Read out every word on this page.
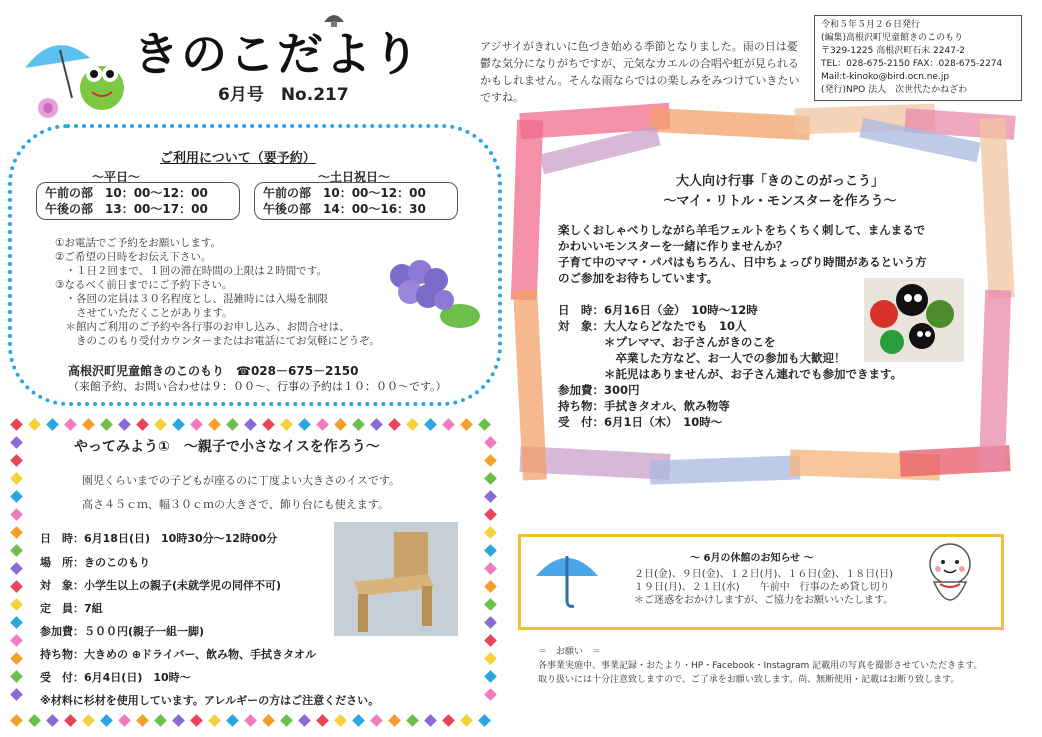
きのこだより
6月号　No.217
アジサイがきれいに色づき始める季節となりました。雨の日は憂鬱な気分になりがちですが、元気なカエルの合唱や虹が見られるかもしれません。そんな雨ならではの楽しみをみつけていきたいですね。
令和５年５月２６日発行
(編集)高根沢町児童館きのこのもり
〒329-1225 高根沢町石末 2247-2
TEL：028-675-2150 FAX：028-675-2274
Mail:t-kinoko@bird.ocn.ne.jp
(発行)NPO 法人　次世代たかねざわ
ご利用について（要予約）
～平日～
午前の部　10：00～12：00
午後の部　13：00～17：00
～土日祝日～
午前の部　10：00～12：00
午後の部　14：00～16：30
①お電話でご予約をお願いします。
②ご希望の日時をお伝え下さい。
　・１日２回まで、１回の滞在時間の上限は２時間です。
③なるべく前日までにご予約下さい。
　・各回の定員は３０名程度とし、混雑時には入場を制限
　　させていただくことがあります。
　＊館内ご利用のご予約や各行事のお申し込み、お問合せは、
　　きのこのもり受付カウンターまたはお電話にてお気軽にどうぞ。
高根沢町児童館きのこのもり　☎028－675－2150
（来館予約、お問い合わせは９：００～、行事の予約は１０：００～です。）
やってみよう①　～親子で小さなイスを作ろう～
園児くらいまでの子どもが座るのに丁度よい大きさのイスです。
高さ４５ｃｍ、幅３０ｃｍの大きさで、飾り台にも使えます。
日　時：6月18日(日)　10時30分～12時00分
場　所：きのこのもり
対　象：小学生以上の親子(未就学児の同伴不可)
定　員：7組
参加費：５００円(親子一組一脚)
持ち物：大きめの ⊕ドライバー、飲み物、手拭きタオル
受　付：6月4日(日)　10時～
※材料に杉材を使用しています。アレルギーの方はご注意ください。
大人向け行事「きのこのがっこう」
～マイ・リトル・モンスターを作ろう～
楽しくおしゃべりしながら羊毛フェルトをちくちく刺して、まんまるで
かわいいモンスターを一緒に作りませんか？
子育て中のママ・パパはもちろん、日中ちょっぴり時間があるという方
のご参加をお待ちしています。
日　時：6月16日（金）　10時～12時
対　象：大人ならどなたでも　10人
　　　　＊プレママ、お子さんがきのこを
　　　　　卒業した方など、お一人での参加も大歓迎！
　　　　＊託児はありませんが、お子さん連れでも参加できます。
参加費：300円
持ち物：手拭きタオル、飲み物等
受　付：6月1日（木）　10時～
～ 6月の休館のお知らせ ～
２日(金)、９日(金)、１２日(月)、１６日(金)、１８日(日)
１９日(月)、２１日(水)　　午前中　行事のため貸し切り
＊ご迷惑をおかけしますが、ご協力をお願いいたします。
＝　お願い　＝
各事業実施中、事業記録・おたより・HP・Facebook・Instagram 記載用の写真を撮影させていただきます。
取り扱いには十分注意致しますので、ご了承をお願い致します。尚、無断使用・記載はお断り致します。
